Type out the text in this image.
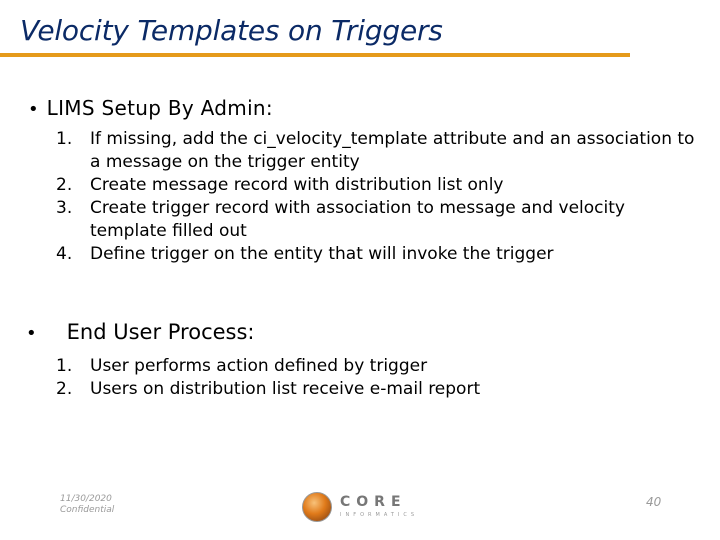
Velocity Templates on Triggers
• LIMS Setup By Admin:
1.	If missing, add the ci_velocity_template attribute and an association to a message on the trigger entity
2.	Create message record with distribution list only
3.	Create trigger record with association to message and velocity template filled out
4.	Define trigger on the entity that will invoke the trigger
• End User Process:
1.	User performs action defined by trigger
2.	Users on distribution list receive e-mail report
11/30/2020
Confidential	CORE
INFORMATICS
40
